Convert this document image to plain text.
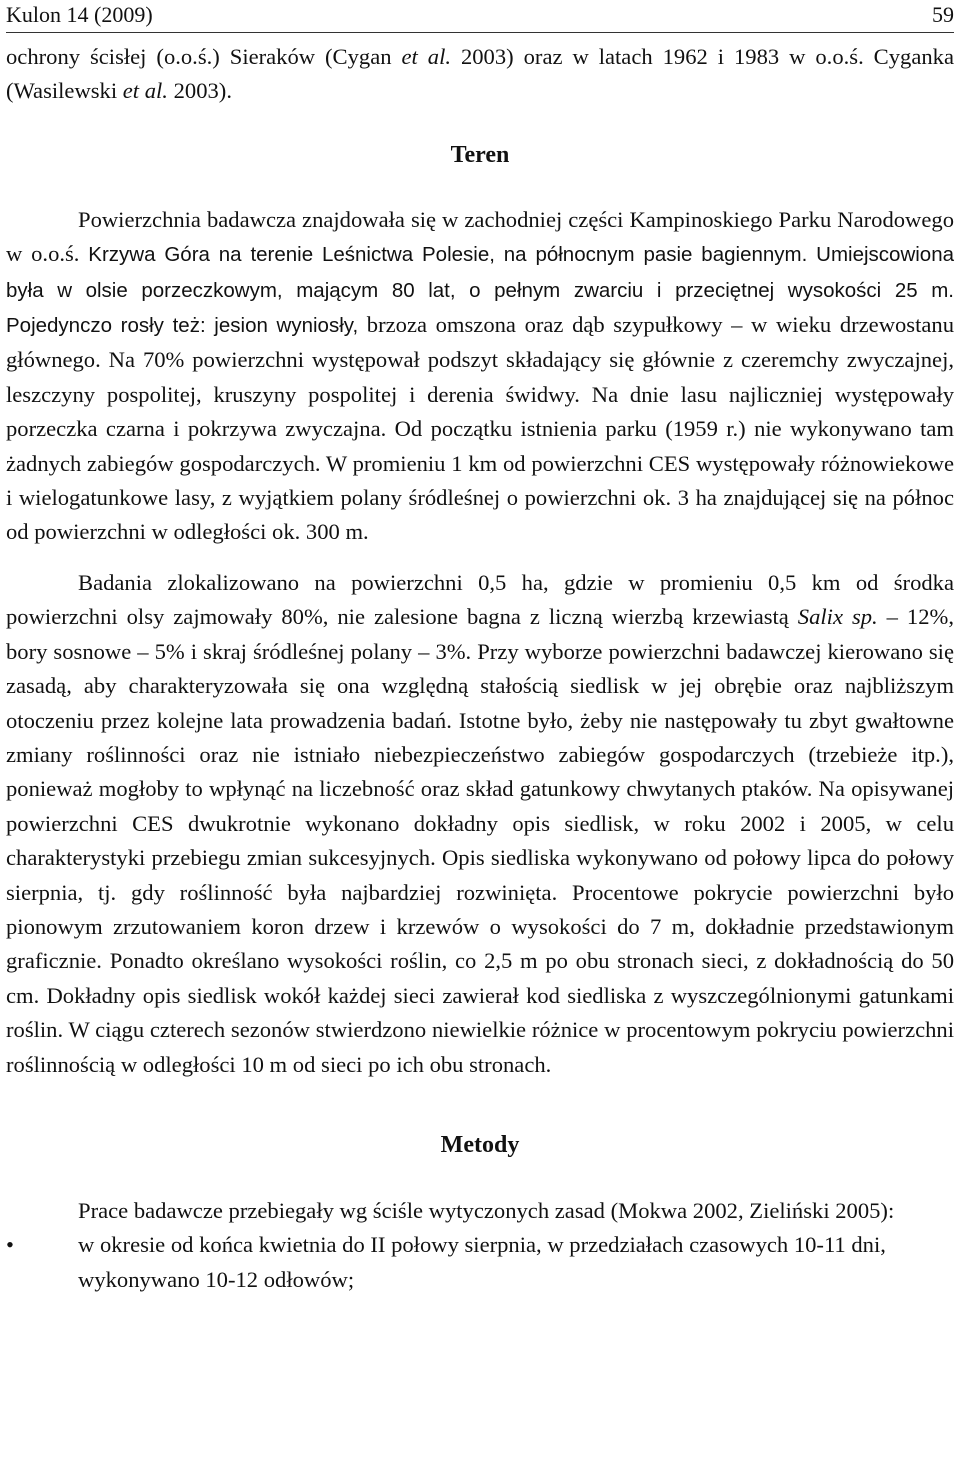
Kulon 14 (2009)	59

ochrony ścisłej (o.o.ś.) Sieraków (Cygan et al. 2003) oraz w latach 1962 i 1983 w o.o.ś. Cyganka (Wasilewski et al. 2003).

Teren

Powierzchnia badawcza znajdowała się w zachodniej części Kampinoskiego Parku Narodowego w o.o.ś. Krzywa Góra na terenie Leśnictwa Polesie, na północnym pasie bagiennym. Umiejscowiona była w olsie porzeczkowym, mającym 80 lat, o pełnym zwarciu i przeciętnej wysokości 25 m. Pojedynczo rosły też: jesion wyniosły, brzoza omszona oraz dąb szypułkowy – w wieku drzewostanu głównego. Na 70% powierzchni występował podszyt składający się głównie z czeremchy zwyczajnej, leszczyny pospolitej, kruszyny pospolitej i derenia świdwy. Na dnie lasu najliczniej występowały porzeczka czarna i pokrzywa zwyczajna. Od początku istnienia parku (1959 r.) nie wykonywano tam żadnych zabiegów gospodarczych. W promieniu 1 km od powierzchni CES występowały różnowiekowe i wielogatunkowe lasy, z wyjątkiem polany śródleśnej o powierzchni ok. 3 ha znajdującej się na północ od powierzchni w odległości ok. 300 m.

Badania zlokalizowano na powierzchni 0,5 ha, gdzie w promieniu 0,5 km od środka powierzchni olsy zajmowały 80%, nie zalesione bagna z liczną wierzbą krzewiastą Salix sp. – 12%, bory sosnowe – 5% i skraj śródleśnej polany – 3%. Przy wyborze powierzchni badawczej kierowano się zasadą, aby charakteryzowała się ona względną stałością siedlisk w jej obrębie oraz najbliższym otoczeniu przez kolejne lata prowadzenia badań. Istotne było, żeby nie następowały tu zbyt gwałtowne zmiany roślinności oraz nie istniało niebezpieczeństwo zabiegów gospodarczych (trzebieże itp.), ponieważ mogłoby to wpłynąć na liczebność oraz skład gatunkowy chwytanych ptaków. Na opisywanej powierzchni CES dwukrotnie wykonano dokładny opis siedlisk, w roku 2002 i 2005, w celu charakterystyki przebiegu zmian sukcesyjnych. Opis siedliska wykonywano od połowy lipca do połowy sierpnia, tj. gdy roślinność była najbardziej rozwinięta. Procentowe pokrycie powierzchni było pionowym zrzutowaniem koron drzew i krzewów o wysokości do 7 m, dokładnie przedstawionym graficznie. Ponadto określano wysokości roślin, co 2,5 m po obu stronach sieci, z dokładnością do 50 cm. Dokładny opis siedlisk wokół każdej sieci zawierał kod siedliska z wyszczególnionymi gatunkami roślin. W ciągu czterech sezonów stwierdzono niewielkie różnice w procentowym pokryciu powierzchni roślinnością w odległości 10 m od sieci po ich obu stronach.

Metody

Prace badawcze przebiegały wg ściśle wytyczonych zasad (Mokwa 2002, Zieliński 2005):

•	w okresie od końca kwietnia do II połowy sierpnia, w przedziałach czasowych 10-11 dni, wykonywano 10-12 odłowów;
